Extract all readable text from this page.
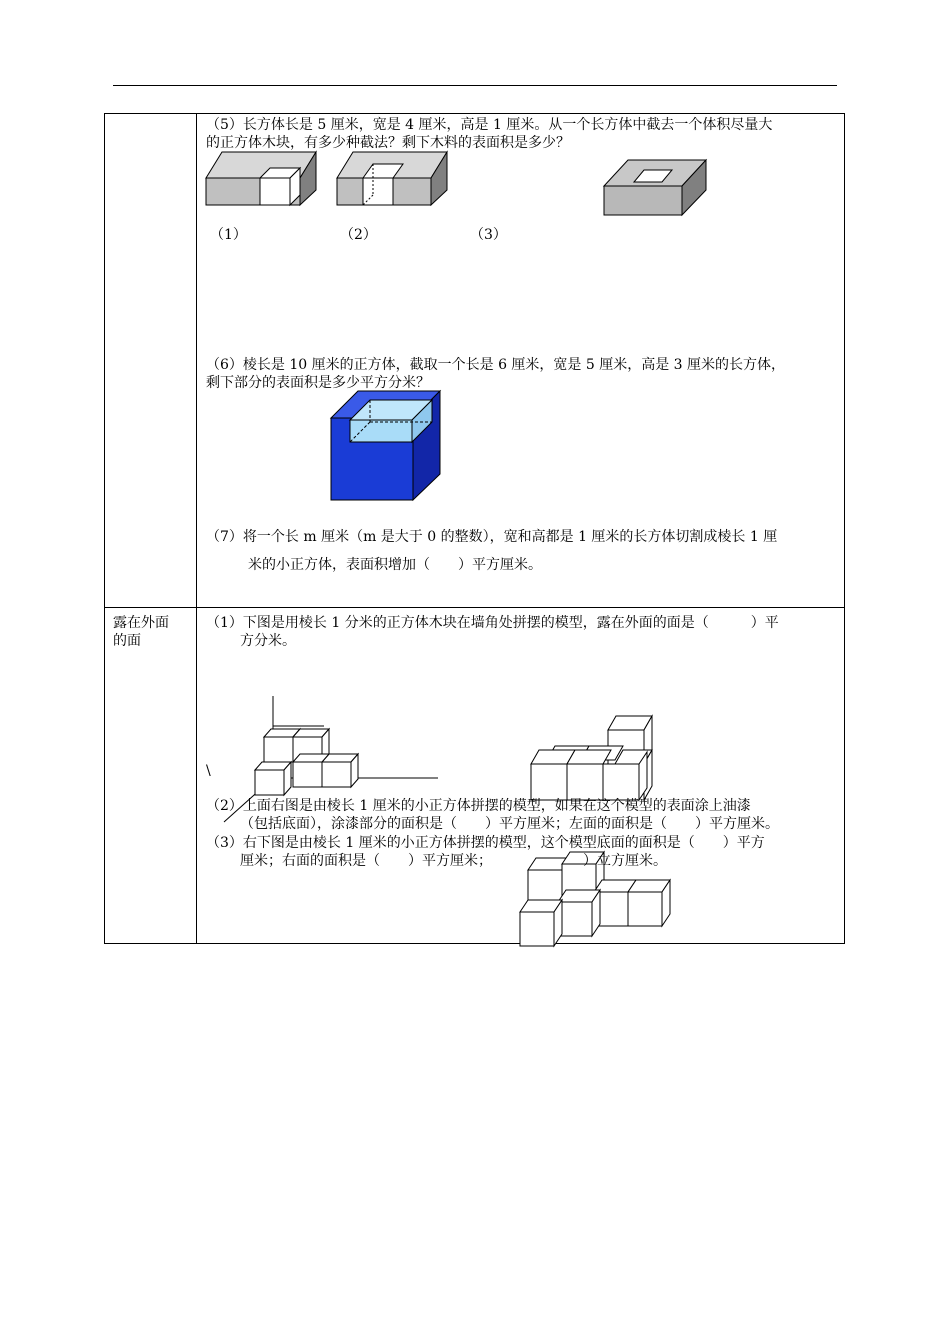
露在外面的面
（5）长方体长是 5 厘米，宽是 4 厘米，高是 1 厘米。从一个长方体中截去一个体积尽量大
的正方体木块，有多少种截法？剩下木料的表面积是多少？
（1）	（2）	（3）
（6）棱长是 10 厘米的正方体，截取一个长是 6 厘米，宽是 5 厘米，高是 3 厘米的长方体，
剩下部分的表面积是多少平方分米？
（7）将一个长 m 厘米（m 是大于 0 的整数），宽和高都是 1 厘米的长方体切割成棱长 1 厘
米的小正方体，表面积增加（　　）平方厘米。
（1）下图是用棱长 1 分米的正方体木块在墙角处拼摆的模型，露在外面的面是（　　　）平
方分米。
\
（2）上面右图是由棱长 1 厘米的小正方体拼摆的模型，如果在这个模型的表面涂上油漆
（包括底面），涂漆部分的面积是（　　）平方厘米；左面的面积是（　　）平方厘米。
（3）右下图是由棱长 1 厘米的小正方体拼摆的模型，这个模型底面的面积是（　　）平方
厘米；右面的面积是（　　）平方厘米；　　　　　　　）立方厘米。
